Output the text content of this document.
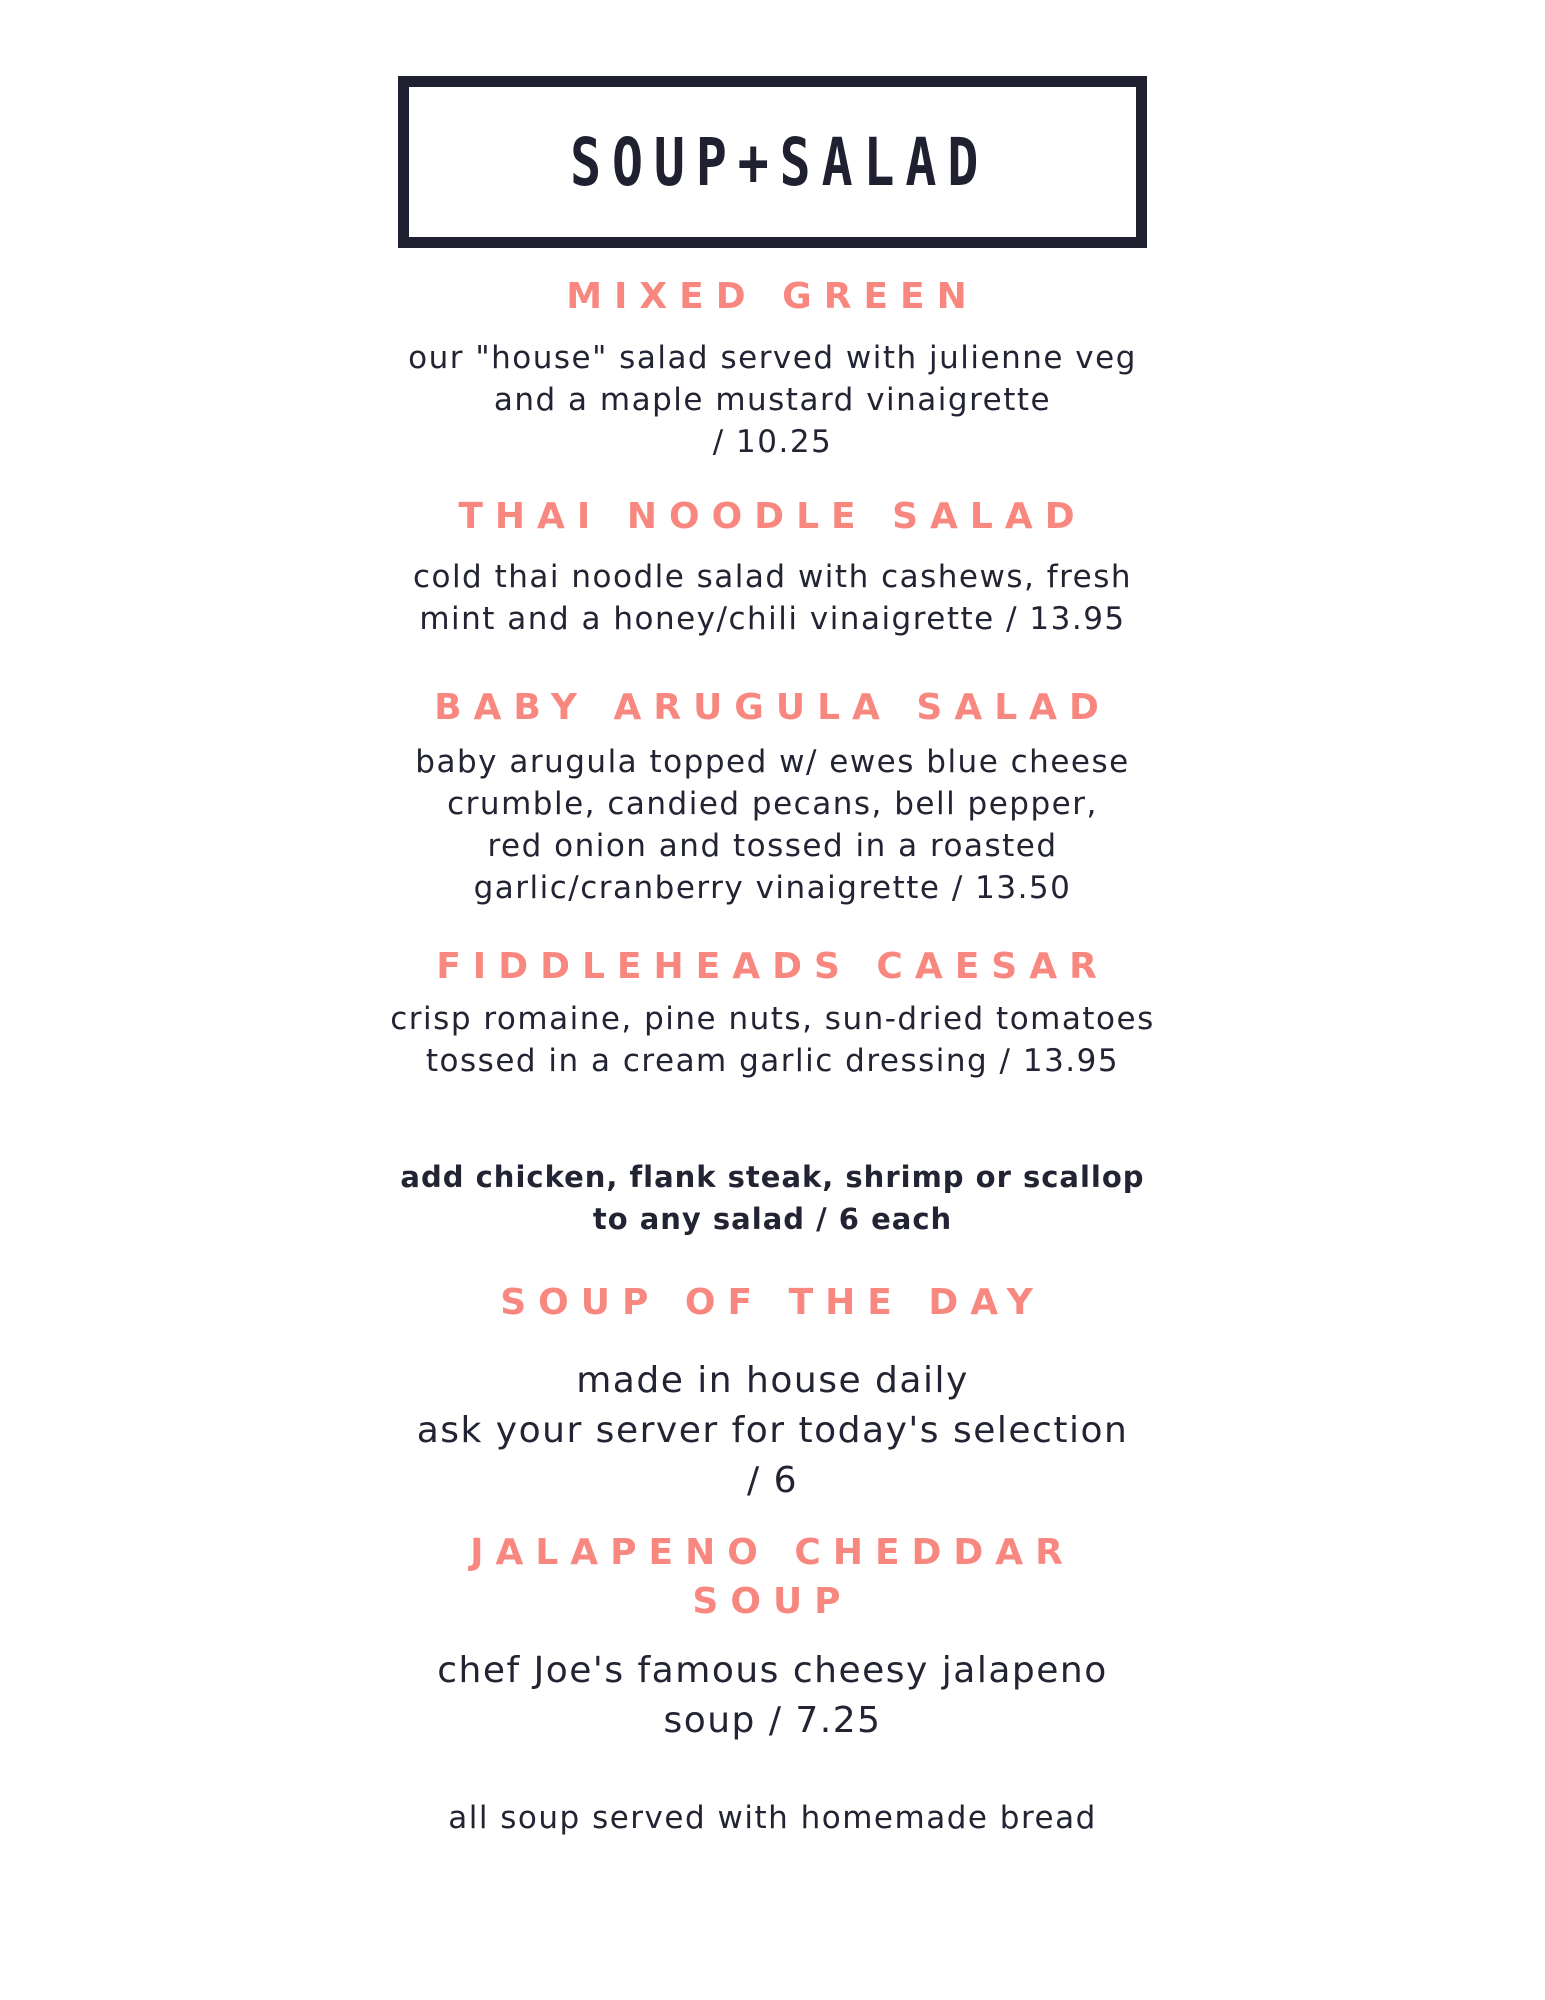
SOUP+SALAD
MIXED GREEN
our "house" salad served with julienne veg
and a maple mustard vinaigrette
/ 10.25
THAI NOODLE SALAD
cold thai noodle salad with cashews, fresh
mint and a honey/chili vinaigrette / 13.95
BABY ARUGULA SALAD
baby arugula topped w/ ewes blue cheese
crumble, candied pecans, bell pepper,
red onion and tossed in a roasted
garlic/cranberry vinaigrette / 13.50
FIDDLEHEADS CAESAR
crisp romaine, pine nuts, sun-dried tomatoes
tossed in a cream garlic dressing / 13.95
add chicken, flank steak, shrimp or scallop
to any salad / 6 each
SOUP OF THE DAY
made in house daily
ask your server for today's selection
/ 6
JALAPENO CHEDDAR
SOUP
chef Joe's famous cheesy jalapeno
soup / 7.25
all soup served with homemade bread
